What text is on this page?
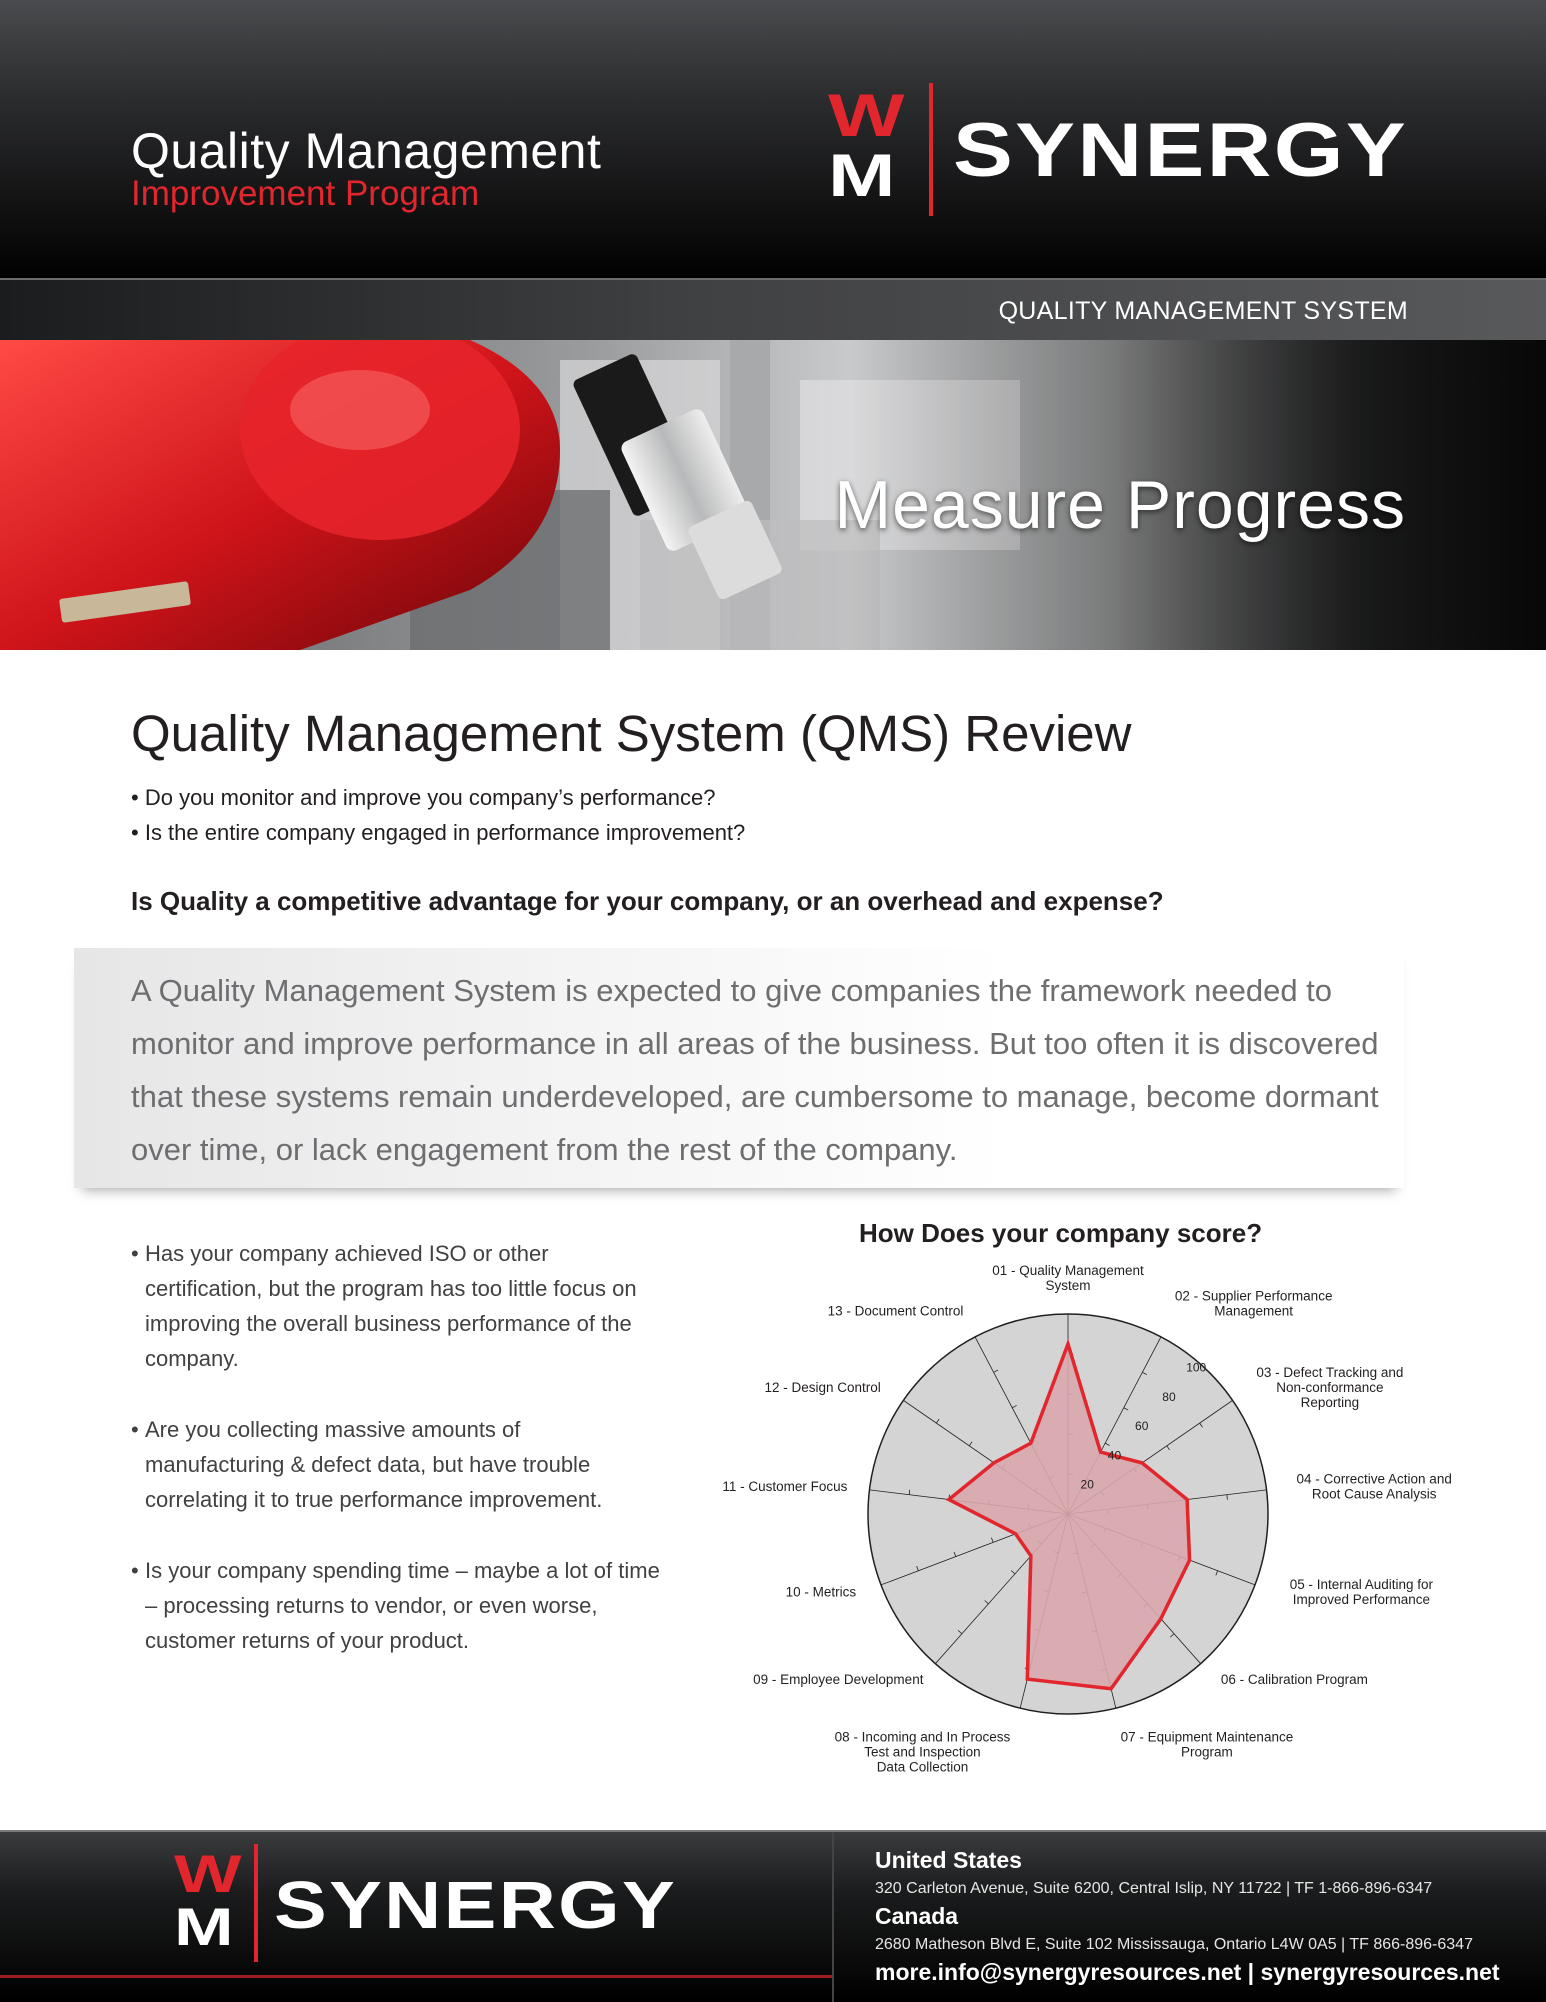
Quality Management
Improvement Program
W
M SYNERGY
QUALITY MANAGEMENT SYSTEM
Measure Progress
Quality Management System (QMS) Review
• Do you monitor and improve you company’s performance?
• Is the entire company engaged in performance improvement?
Is Quality a competitive advantage for your company, or an overhead and expense?
A Quality Management System is expected to give companies the framework needed to monitor and improve performance in all areas of the business. But too often it is discovered that these systems remain underdeveloped, are cumbersome to manage, become dormant over time, or lack engagement from the rest of the company.
• Has your company achieved ISO or other certification, but the program has too little focus on improving the overall business performance of the company.
• Are you collecting massive amounts of manufacturing & defect data, but have trouble correlating it to true performance improvement.
• Is your company spending time – maybe a lot of time – processing returns to vendor, or even worse, customer returns of your product.
How Does your company score?
20
40
60
80
100
01 - Quality Management
System
02 - Supplier Performance
Management
03 - Defect Tracking and
Non-conformance
Reporting
04 - Corrective Action and
Root Cause Analysis
05 - Internal Auditing for
Improved Performance
06 - Calibration Program
07 - Equipment Maintenance
Program
08 - Incoming and In Process
Test and Inspection
Data Collection
09 - Employee Development
10 - Metrics
11 - Customer Focus
12 - Design Control
13 - Document Control
W
M SYNERGY
United States
320 Carleton Avenue, Suite 6200, Central Islip, NY 11722 | TF 1-866-896-6347
Canada
2680 Matheson Blvd E, Suite 102 Mississauga, Ontario L4W 0A5 | TF 866-896-6347
more.info@synergyresources.net | synergyresources.net
